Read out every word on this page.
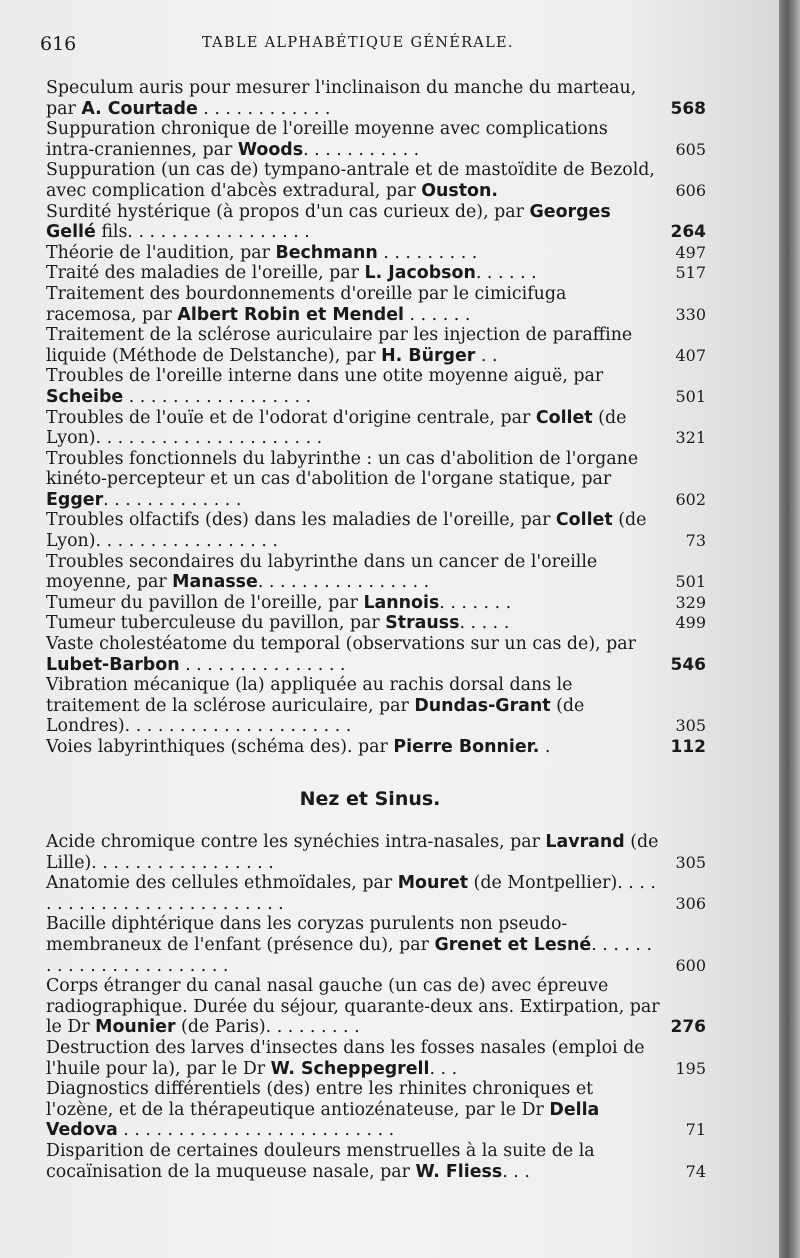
616	TABLE ALPHABÉTIQUE GÉNÉRALE.
Speculum auris pour mesurer l'inclinaison du manche du marteau, par A. Courtade . . . . . . . . . . . .	568
Suppuration chronique de l'oreille moyenne avec complications intra-craniennes, par Woods. . . . . . . . . . .	605
Suppuration (un cas de) tympano-antrale et de mastoïdite de Bezold, avec complication d'abcès extradural, par Ouston.	606
Surdité hystérique (à propos d'un cas curieux de), par Georges Gellé fils. . . . . . . . . . . . . . . . .	264
Théorie de l'audition, par Bechmann . . . . . . . . .	497
Traité des maladies de l'oreille, par L. Jacobson. . . . . .	517
Traitement des bourdonnements d'oreille par le cimicifuga racemosa, par Albert Robin et Mendel . . . . . .	330
Traitement de la sclérose auriculaire par les injection de paraffine liquide (Méthode de Delstanche), par H. Bürger . .	407
Troubles de l'oreille interne dans une otite moyenne aiguë, par Scheibe . . . . . . . . . . . . . . . . .	501
Troubles de l'ouïe et de l'odorat d'origine centrale, par Collet (de Lyon). . . . . . . . . . . . . . . . . . . . .	321
Troubles fonctionnels du labyrinthe : un cas d'abolition de l'organe kinéto-percepteur et un cas d'abolition de l'organe statique, par Egger. . . . . . . . . . . . .	602
Troubles olfactifs (des) dans les maladies de l'oreille, par Collet (de Lyon). . . . . . . . . . . . . . . . .	73
Troubles secondaires du labyrinthe dans un cancer de l'oreille moyenne, par Manasse. . . . . . . . . . . . . . . .	501
Tumeur du pavillon de l'oreille, par Lannois. . . . . . .	329
Tumeur tuberculeuse du pavillon, par Strauss. . . . .	499
Vaste cholestéatome du temporal (observations sur un cas de), par Lubet-Barbon . . . . . . . . . . . . . . .	546
Vibration mécanique (la) appliquée au rachis dorsal dans le traitement de la sclérose auriculaire, par Dundas-Grant (de Londres). . . . . . . . . . . . . . . . . . . . .	305
Voies labyrinthiques (schéma des). par Pierre Bonnier. .	112
Nez et Sinus.
Acide chromique contre les synéchies intra-nasales, par Lavrand (de Lille). . . . . . . . . . . . . . . . .	305
Anatomie des cellules ethmoïdales, par Mouret (de Montpellier). . . . . . . . . . . . . . . . . . . . . . . . . .	306
Bacille diphtérique dans les coryzas purulents non pseudo-membraneux de l'enfant (présence du), par Grenet et Lesné. . . . . . . . . . . . . . . . . . . . . . .	600
Corps étranger du canal nasal gauche (un cas de) avec épreuve radiographique. Durée du séjour, quarante-deux ans. Extirpation, par le Dr Mounier (de Paris). . . . . . . . .	276
Destruction des larves d'insectes dans les fosses nasales (emploi de l'huile pour la), par le Dr W. Scheppegrell. . .	195
Diagnostics différentiels (des) entre les rhinites chroniques et l'ozène, et de la thérapeutique antiozénateuse, par le Dr Della Vedova . . . . . . . . . . . . . . . . . . . . . . . . .	71
Disparition de certaines douleurs menstruelles à la suite de la cocaïnisation de la muqueuse nasale, par W. Fliess. . .	74
